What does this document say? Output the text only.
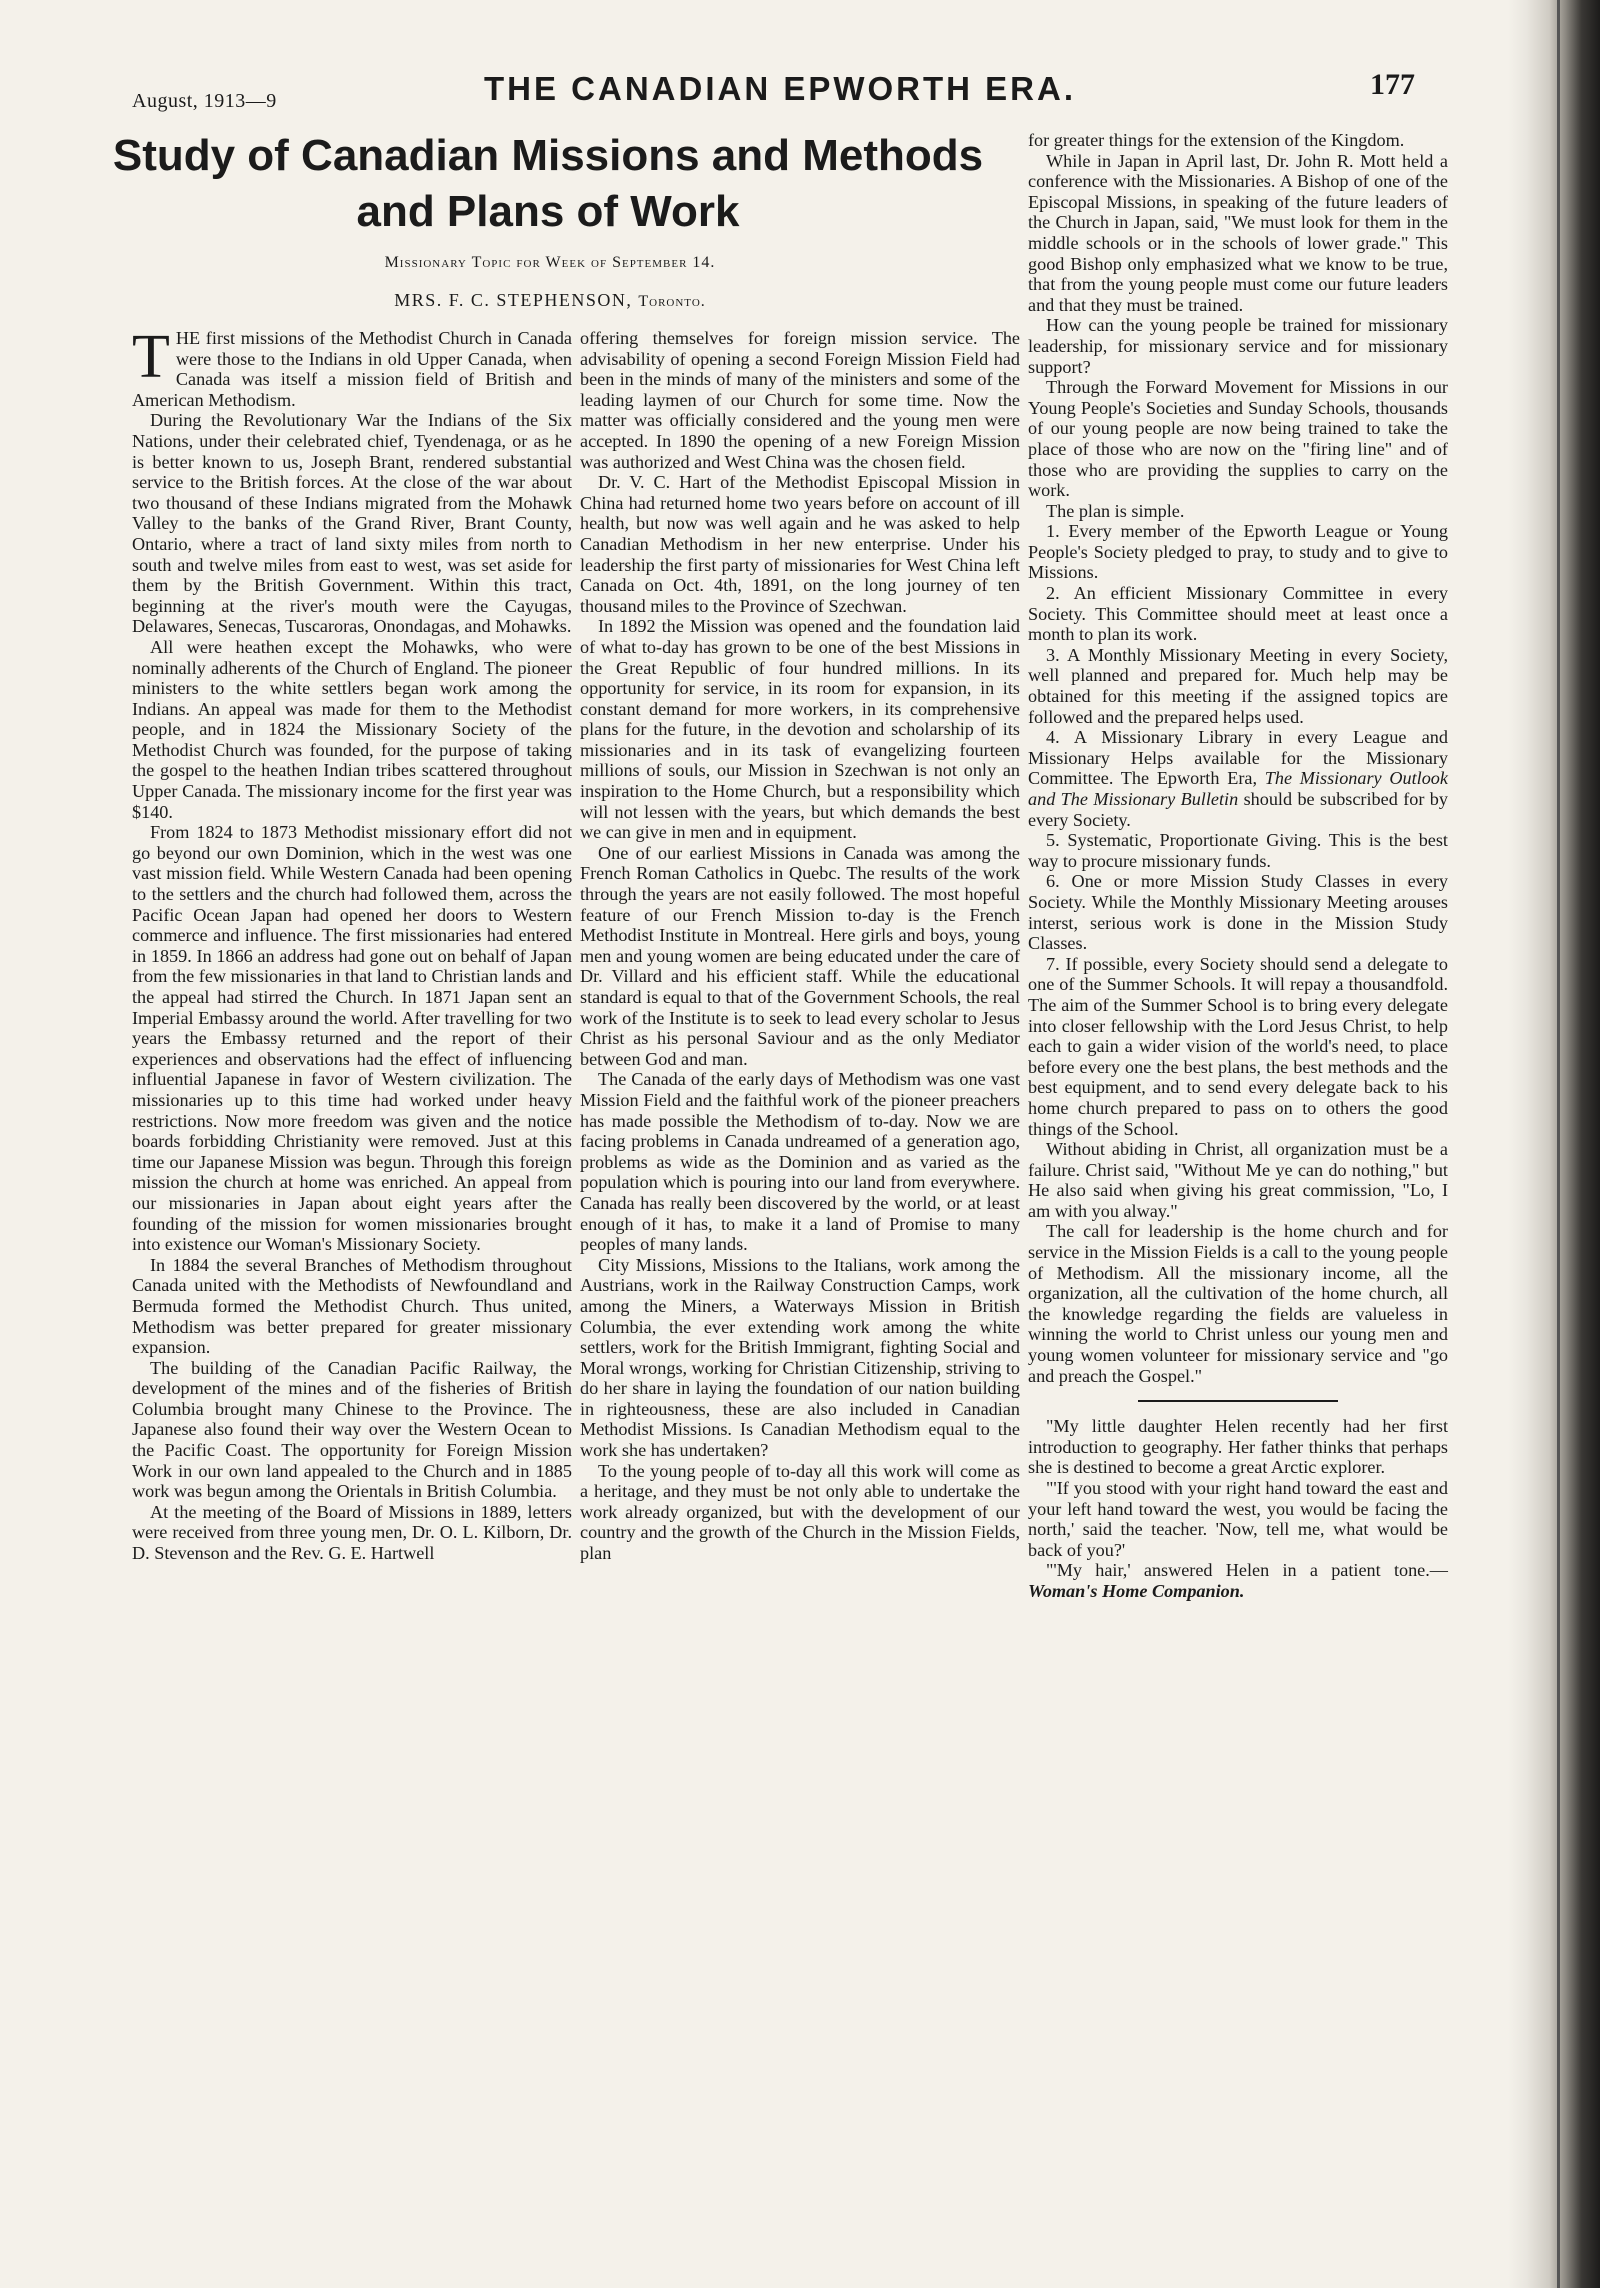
August, 1913—9	THE CANADIAN EPWORTH ERA.	177
Study of Canadian Missions and Methods and Plans of Work
Missionary Topic for Week of September 14.
MRS. F. C. STEPHENSON, Toronto.

THE first missions of the Methodist Church in Canada were those to the Indians in old Upper Canada, when Canada was itself a mission field of British and American Methodism.

During the Revolutionary War the Indians of the Six Nations, under their celebrated chief, Tyendenaga, or as he is better known to us, Joseph Brant, rendered substantial service to the British forces. At the close of the war about two thousand of these Indians migrated from the Mohawk Valley to the banks of the Grand River, Brant County, Ontario, where a tract of land sixty miles from north to south and twelve miles from east to west, was set aside for them by the British Government. Within this tract, beginning at the river's mouth were the Cayugas, Delawares, Senecas, Tuscaroras, Onondagas, and Mohawks.

All were heathen except the Mohawks, who were nominally adherents of the Church of England. The pioneer ministers to the white settlers began work among the Indians. An appeal was made for them to the Methodist people, and in 1824 the Missionary Society of the Methodist Church was founded, for the purpose of taking the gospel to the heathen Indian tribes scattered throughout Upper Canada. The missionary income for the first year was $140.

From 1824 to 1873 Methodist missionary effort did not go beyond our own Dominion, which in the west was one vast mission field. While Western Canada had been opening to the settlers and the church had followed them, across the Pacific Ocean Japan had opened her doors to Western commerce and influence. The first missionaries had entered in 1859. In 1866 an address had gone out on behalf of Japan from the few missionaries in that land to Christian lands and the appeal had stirred the Church. In 1871 Japan sent an Imperial Embassy around the world. After travelling for two years the Embassy returned and the report of their experiences and observations had the effect of influencing influential Japanese in favor of Western civilization. The missionaries up to this time had worked under heavy restrictions. Now more freedom was given and the notice boards forbidding Christianity were removed. Just at this time our Japanese Mission was begun. Through this foreign mission the church at home was enriched. An appeal from our missionaries in Japan about eight years after the founding of the mission for women missionaries brought into existence our Woman's Missionary Society.

In 1884 the several Branches of Methodism throughout Canada united with the Methodists of Newfoundland and Bermuda formed the Methodist Church. Thus united, Methodism was better prepared for greater missionary expansion.

The building of the Canadian Pacific Railway, the development of the mines and of the fisheries of British Columbia brought many Chinese to the Province. The Japanese also found their way over the Western Ocean to the Pacific Coast. The opportunity for Foreign Mission Work in our own land appealed to the Church and in 1885 work was begun among the Orientals in British Columbia.

At the meeting of the Board of Missions in 1889, letters were received from three young men, Dr. O. L. Kilborn, Dr. D. Stevenson and the Rev. G. E. Hartwell

offering themselves for foreign mission service. The advisability of opening a second Foreign Mission Field had been in the minds of many of the ministers and some of the leading laymen of our Church for some time. Now the matter was officially considered and the young men were accepted. In 1890 the opening of a new Foreign Mission was authorized and West China was the chosen field.

Dr. V. C. Hart of the Methodist Episcopal Mission in China had returned home two years before on account of ill health, but now was well again and he was asked to help Canadian Methodism in her new enterprise. Under his leadership the first party of missionaries for West China left Canada on Oct. 4th, 1891, on the long journey of ten thousand miles to the Province of Szechwan.

In 1892 the Mission was opened and the foundation laid of what to-day has grown to be one of the best Missions in the Great Republic of four hundred millions. In its opportunity for service, in its room for expansion, in its constant demand for more workers, in its comprehensive plans for the future, in the devotion and scholarship of its missionaries and in its task of evangelizing fourteen millions of souls, our Mission in Szechwan is not only an inspiration to the Home Church, but a responsibility which will not lessen with the years, but which demands the best we can give in men and in equipment.

One of our earliest Missions in Canada was among the French Roman Catholics in Quebc. The results of the work through the years are not easily followed. The most hopeful feature of our French Mission to-day is the French Methodist Institute in Montreal. Here girls and boys, young men and young women are being educated under the care of Dr. Villard and his efficient staff. While the educational standard is equal to that of the Government Schools, the real work of the Institute is to seek to lead every scholar to Jesus Christ as his personal Saviour and as the only Mediator between God and man.

The Canada of the early days of Methodism was one vast Mission Field and the faithful work of the pioneer preachers has made possible the Methodism of to-day. Now we are facing problems in Canada undreamed of a generation ago, problems as wide as the Dominion and as varied as the population which is pouring into our land from everywhere. Canada has really been discovered by the world, or at least enough of it has, to make it a land of Promise to many peoples of many lands.

City Missions, Missions to the Italians, work among the Austrians, work in the Railway Construction Camps, work among the Miners, a Waterways Mission in British Columbia, the ever extending work among the white settlers, work for the British Immigrant, fighting Social and Moral wrongs, working for Christian Citizenship, striving to do her share in laying the foundation of our nation building in righteousness, these are also included in Canadian Methodist Missions. Is Canadian Methodism equal to the work she has undertaken?

To the young people of to-day all this work will come as a heritage, and they must be not only able to undertake the work already organized, but with the development of our country and the growth of the Church in the Mission Fields, plan

for greater things for the extension of the Kingdom.

While in Japan in April last, Dr. John R. Mott held a conference with the Missionaries. A Bishop of one of the Episcopal Missions, in speaking of the future leaders of the Church in Japan, said, "We must look for them in the middle schools or in the schools of lower grade." This good Bishop only emphasized what we know to be true, that from the young people must come our future leaders and that they must be trained.

How can the young people be trained for missionary leadership, for missionary service and for missionary support?

Through the Forward Movement for Missions in our Young People's Societies and Sunday Schools, thousands of our young people are now being trained to take the place of those who are now on the "firing line" and of those who are providing the supplies to carry on the work.

The plan is simple.

1. Every member of the Epworth League or Young People's Society pledged to pray, to study and to give to Missions.

2. An efficient Missionary Committee in every Society. This Committee should meet at least once a month to plan its work.

3. A Monthly Missionary Meeting in every Society, well planned and prepared for. Much help may be obtained for this meeting if the assigned topics are followed and the prepared helps used.

4. A Missionary Library in every League and Missionary Helps available for the Missionary Committee. The Epworth Era, The Missionary Outlook and The Missionary Bulletin should be subscribed for by every Society.

5. Systematic, Proportionate Giving. This is the best way to procure missionary funds.

6. One or more Mission Study Classes in every Society. While the Monthly Missionary Meeting arouses interst, serious work is done in the Mission Study Classes.

7. If possible, every Society should send a delegate to one of the Summer Schools. It will repay a thousandfold. The aim of the Summer School is to bring every delegate into closer fellowship with the Lord Jesus Christ, to help each to gain a wider vision of the world's need, to place before every one the best plans, the best methods and the best equipment, and to send every delegate back to his home church prepared to pass on to others the good things of the School.

Without abiding in Christ, all organization must be a failure. Christ said, "Without Me ye can do nothing," but He also said when giving his great commission, "Lo, I am with you alway."

The call for leadership is the home church and for service in the Mission Fields is a call to the young people of Methodism. All the missionary income, all the organization, all the cultivation of the home church, all the knowledge regarding the fields are valueless in winning the world to Christ unless our young men and young women volunteer for missionary service and "go and preach the Gospel."

"My little daughter Helen recently had her first introduction to geography. Her father thinks that perhaps she is destined to become a great Arctic explorer.

"'If you stood with your right hand toward the east and your left hand toward the west, you would be facing the north,' said the teacher. 'Now, tell me, what would be back of you?'

"'My hair,' answered Helen in a patient tone.—Woman's Home Companion.
